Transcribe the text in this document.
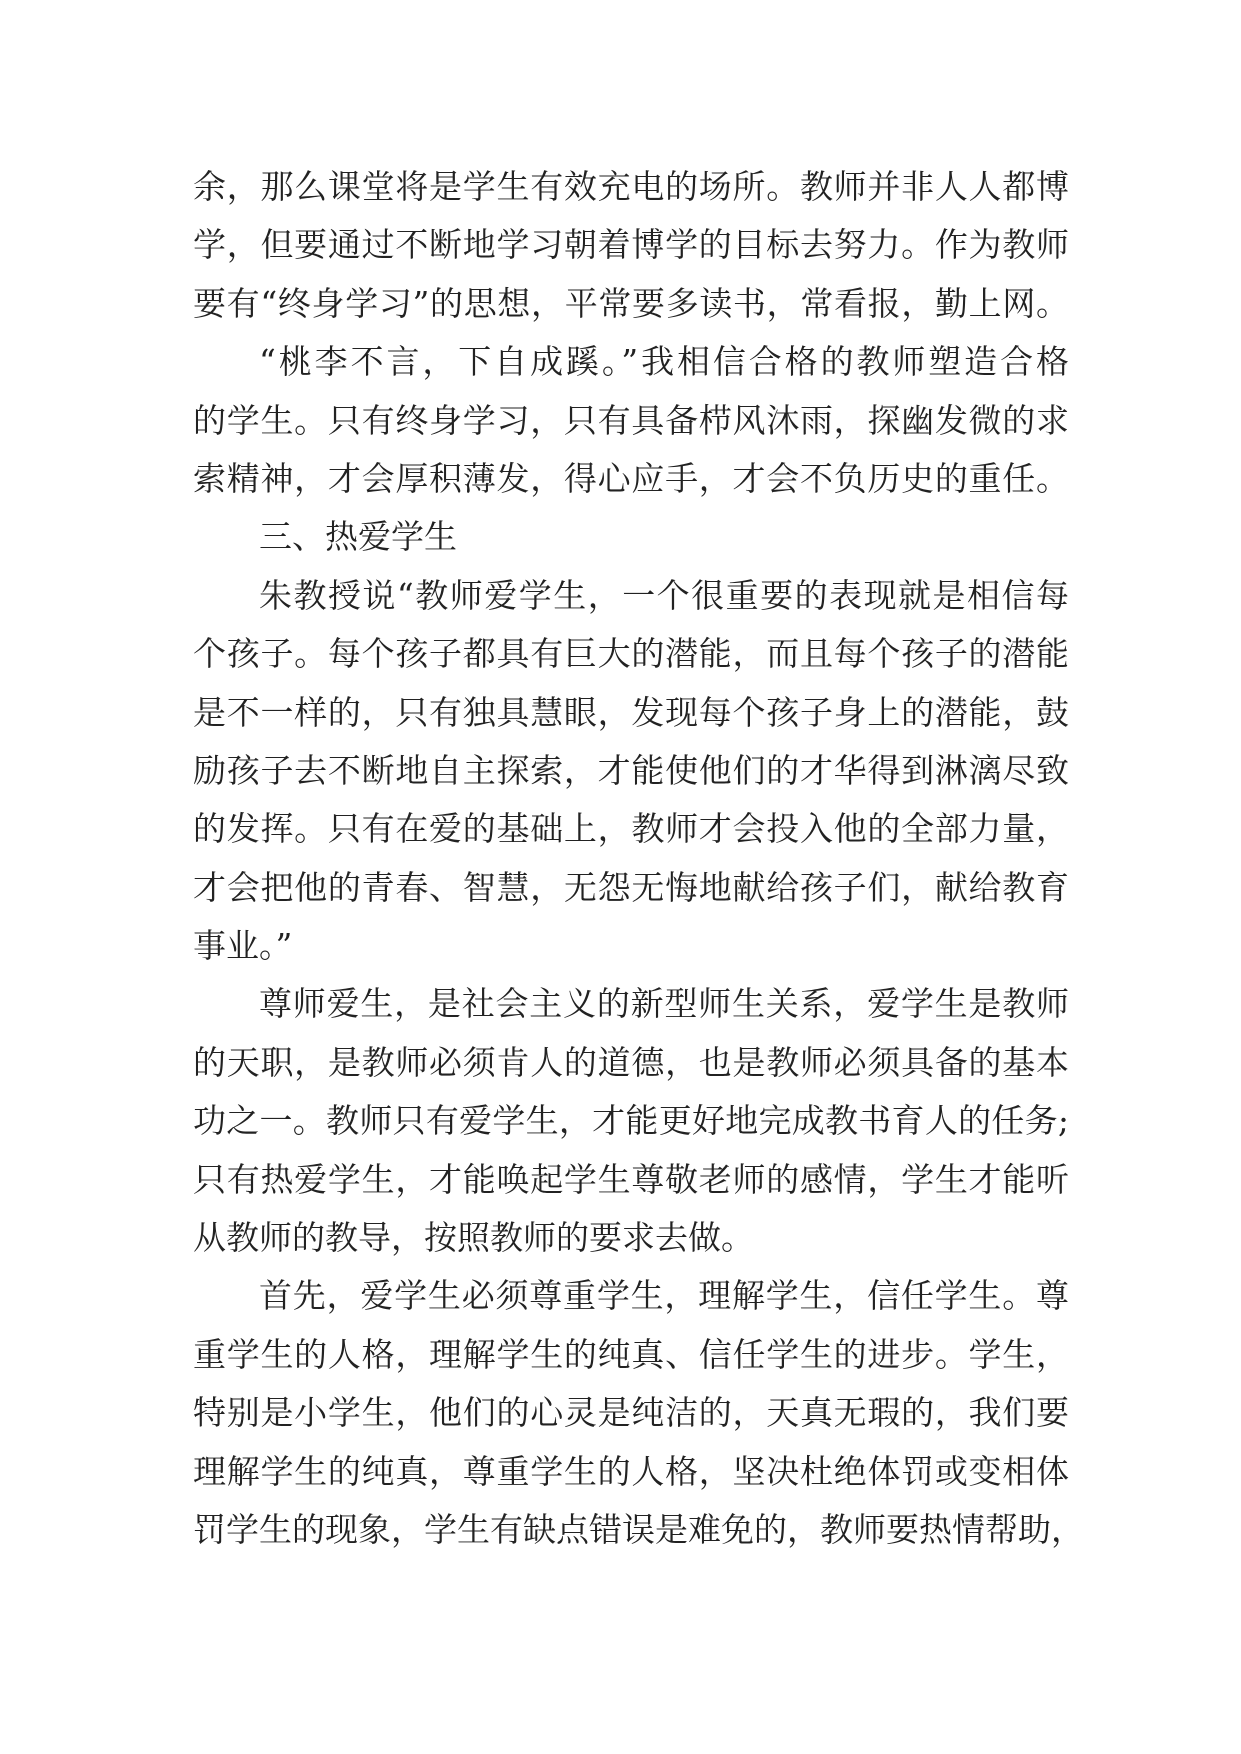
余，那么课堂将是学生有效充电的场所。教师并非人人都博
学，但要通过不断地学习朝着博学的目标去努力。作为教师
要有“终身学习”的思想，平常要多读书，常看报，勤上网。
“桃李不言，下自成蹊。”我相信合格的教师塑造合格
的学生。只有终身学习，只有具备栉风沐雨，探幽发微的求
索精神，才会厚积薄发，得心应手，才会不负历史的重任。
三、热爱学生
朱教授说“教师爱学生，一个很重要的表现就是相信每
个孩子。每个孩子都具有巨大的潜能，而且每个孩子的潜能
是不一样的，只有独具慧眼，发现每个孩子身上的潜能，鼓
励孩子去不断地自主探索，才能使他们的才华得到淋漓尽致
的发挥。只有在爱的基础上，教师才会投入他的全部力量，
才会把他的青春、智慧，无怨无悔地献给孩子们，献给教育
事业。”
尊师爱生，是社会主义的新型师生关系，爱学生是教师
的天职，是教师必须肯人的道德，也是教师必须具备的基本
功之一。教师只有爱学生，才能更好地完成教书育人的任务;
只有热爱学生，才能唤起学生尊敬老师的感情，学生才能听
从教师的教导，按照教师的要求去做。
首先，爱学生必须尊重学生，理解学生，信任学生。尊
重学生的人格，理解学生的纯真、信任学生的进步。学生，
特别是小学生，他们的心灵是纯洁的，天真无瑕的，我们要
理解学生的纯真，尊重学生的人格，坚决杜绝体罚或变相体
罚学生的现象，学生有缺点错误是难免的，教师要热情帮助，
